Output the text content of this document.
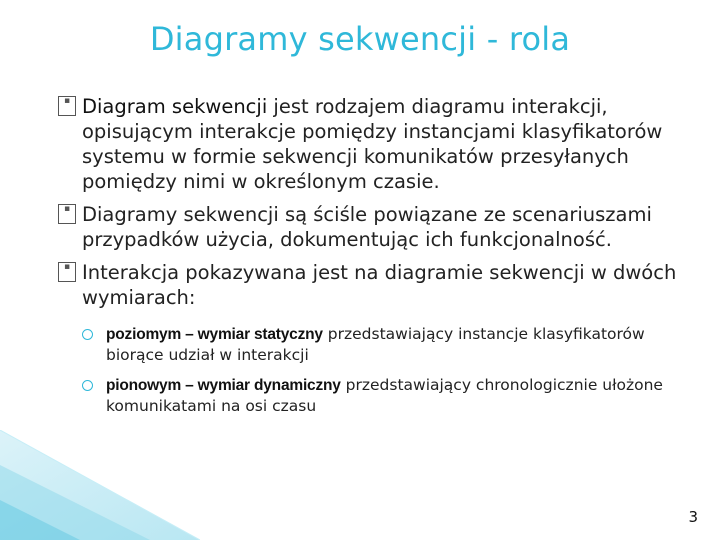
Diagramy sekwencji - rola
▪ Diagram sekwencji jest rodzajem diagramu interakcji, opisującym interakcje pomiędzy instancjami klasyfikatorów systemu w formie sekwencji komunikatów przesyłanych pomiędzy nimi w określonym czasie.
▪ Diagramy sekwencji są ściśle powiązane ze scenariuszami przypadków użycia, dokumentując ich funkcjonalność.
▪ Interakcja pokazywana jest na diagramie sekwencji w dwóch wymiarach:
poziomym – wymiar statyczny przedstawiający instancje klasyfikatorów biorące udział w interakcji
pionowym – wymiar dynamiczny przedstawiający chronologicznie ułożone komunikatami na osi czasu
3
